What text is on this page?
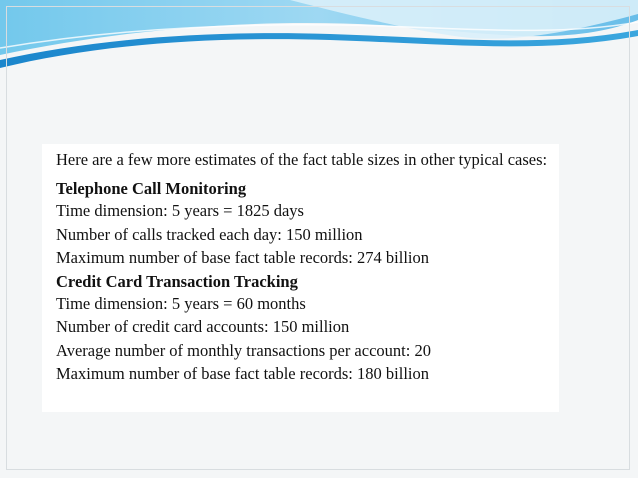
Here are a few more estimates of the fact table sizes in other typical cases:

Telephone Call Monitoring

Time dimension: 5 years = 1825 days

Number of calls tracked each day: 150 million

Maximum number of base fact table records: 274 billion

Credit Card Transaction Tracking

Time dimension: 5 years = 60 months

Number of credit card accounts: 150 million

Average number of monthly transactions per account: 20

Maximum number of base fact table records: 180 billion
